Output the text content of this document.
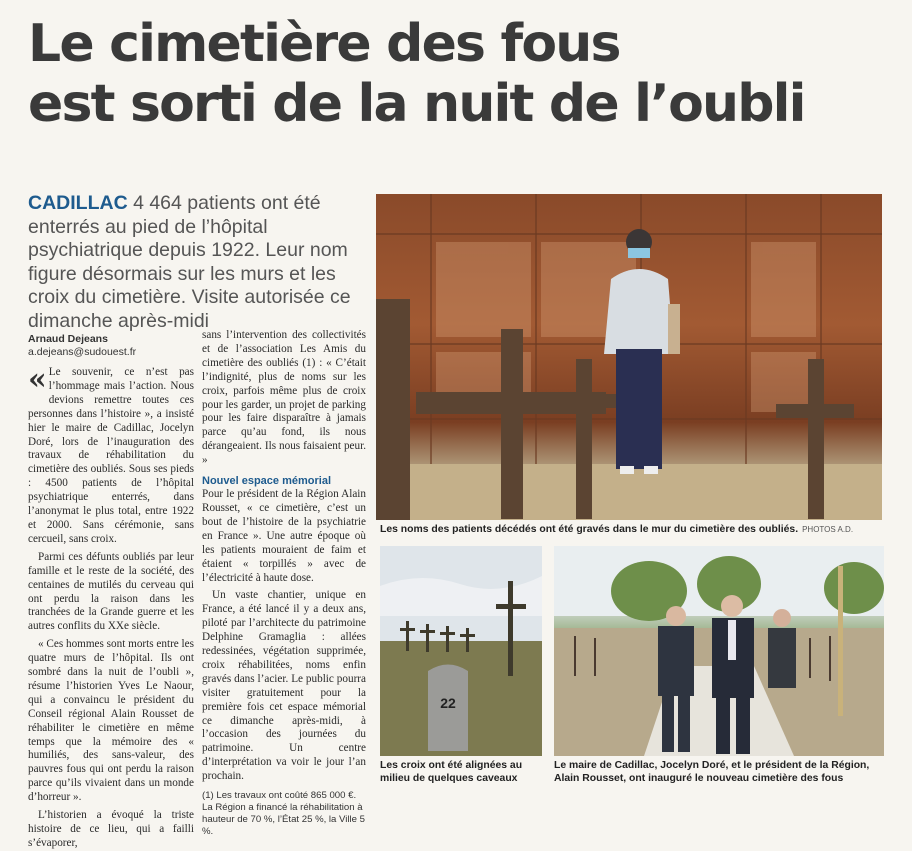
Le cimetière des fous
est sorti de la nuit de l’oubli
CADILLAC 4 464 patients ont été enterrés au pied de l’hôpital psychiatrique depuis 1922. Leur nom figure désormais sur les murs et les croix du cimetière. Visite autorisée ce dimanche après-midi
Arnaud Dejeans
a.dejeans@sudouest.fr

« Le souvenir, ce n’est pas l’hommage mais l’action. Nous devions remettre toutes ces personnes dans l’histoire », a insisté hier le maire de Cadillac, Jocelyn Doré, lors de l’inauguration des travaux de réhabilitation du cimetière des oubliés. Sous ses pieds : 4500 patients de l’hôpital psychiatrique enterrés, dans l’anonymat le plus total, entre 1922 et 2000. Sans cérémonie, sans cercueil, sans croix.

Parmi ces défunts oubliés par leur famille et le reste de la société, des centaines de mutilés du cerveau qui ont perdu la raison dans les tranchées de la Grande guerre et les autres conflits du XXe siècle.

« Ces hommes sont morts entre les quatre murs de l’hôpital. Ils ont sombré dans la nuit de l’oubli », résume l’historien Yves Le Naour, qui a convaincu le président du Conseil régional Alain Rousset de réhabiliter le cimetière en même temps que la mémoire des « humiliés, des sans-valeur, des pauvres fous qui ont perdu la raison parce qu’ils vivaient dans un monde d’horreur ».

L’historien a évoqué la triste histoire de ce lieu, qui a failli s’évaporer,

sans l’intervention des collectivités et de l’association Les Amis du cimetière des oubliés (1) : « C’était l’indignité, plus de noms sur les croix, parfois même plus de croix pour les garder, un projet de parking pour les faire disparaître à jamais parce qu’au fond, ils nous dérangeaient. Ils nous faisaient peur. »

Nouvel espace mémorial

Pour le président de la Région Alain Rousset, « ce cimetière, c’est un bout de l’histoire de la psychiatrie en France ». Une autre époque où les patients mouraient de faim et étaient « torpillés » avec de l’électricité à haute dose.

Un vaste chantier, unique en France, a été lancé il y a deux ans, piloté par l’architecte du patrimoine Delphine Gramaglia : allées redessinées, végétation supprimée, croix réhabilitées, noms enfin gravés dans l’acier. Le public pourra visiter gratuitement pour la première fois cet espace mémorial ce dimanche après-midi, à l’occasion des journées du patrimoine. Un centre d’interprétation va voir le jour l’an prochain.

(1) Les travaux ont coûté 865 000 €. La Région a financé la réhabilitation à hauteur de 70 %, l’État 25 %, la Ville 5 %.
Les noms des patients décédés ont été gravés dans le mur du cimetière des oubliés. PHOTOS A.D.
22
Les croix ont été alignées au milieu de quelques caveaux
Le maire de Cadillac, Jocelyn Doré, et le président de la Région, Alain Rousset, ont inauguré le nouveau cimetière des fous
